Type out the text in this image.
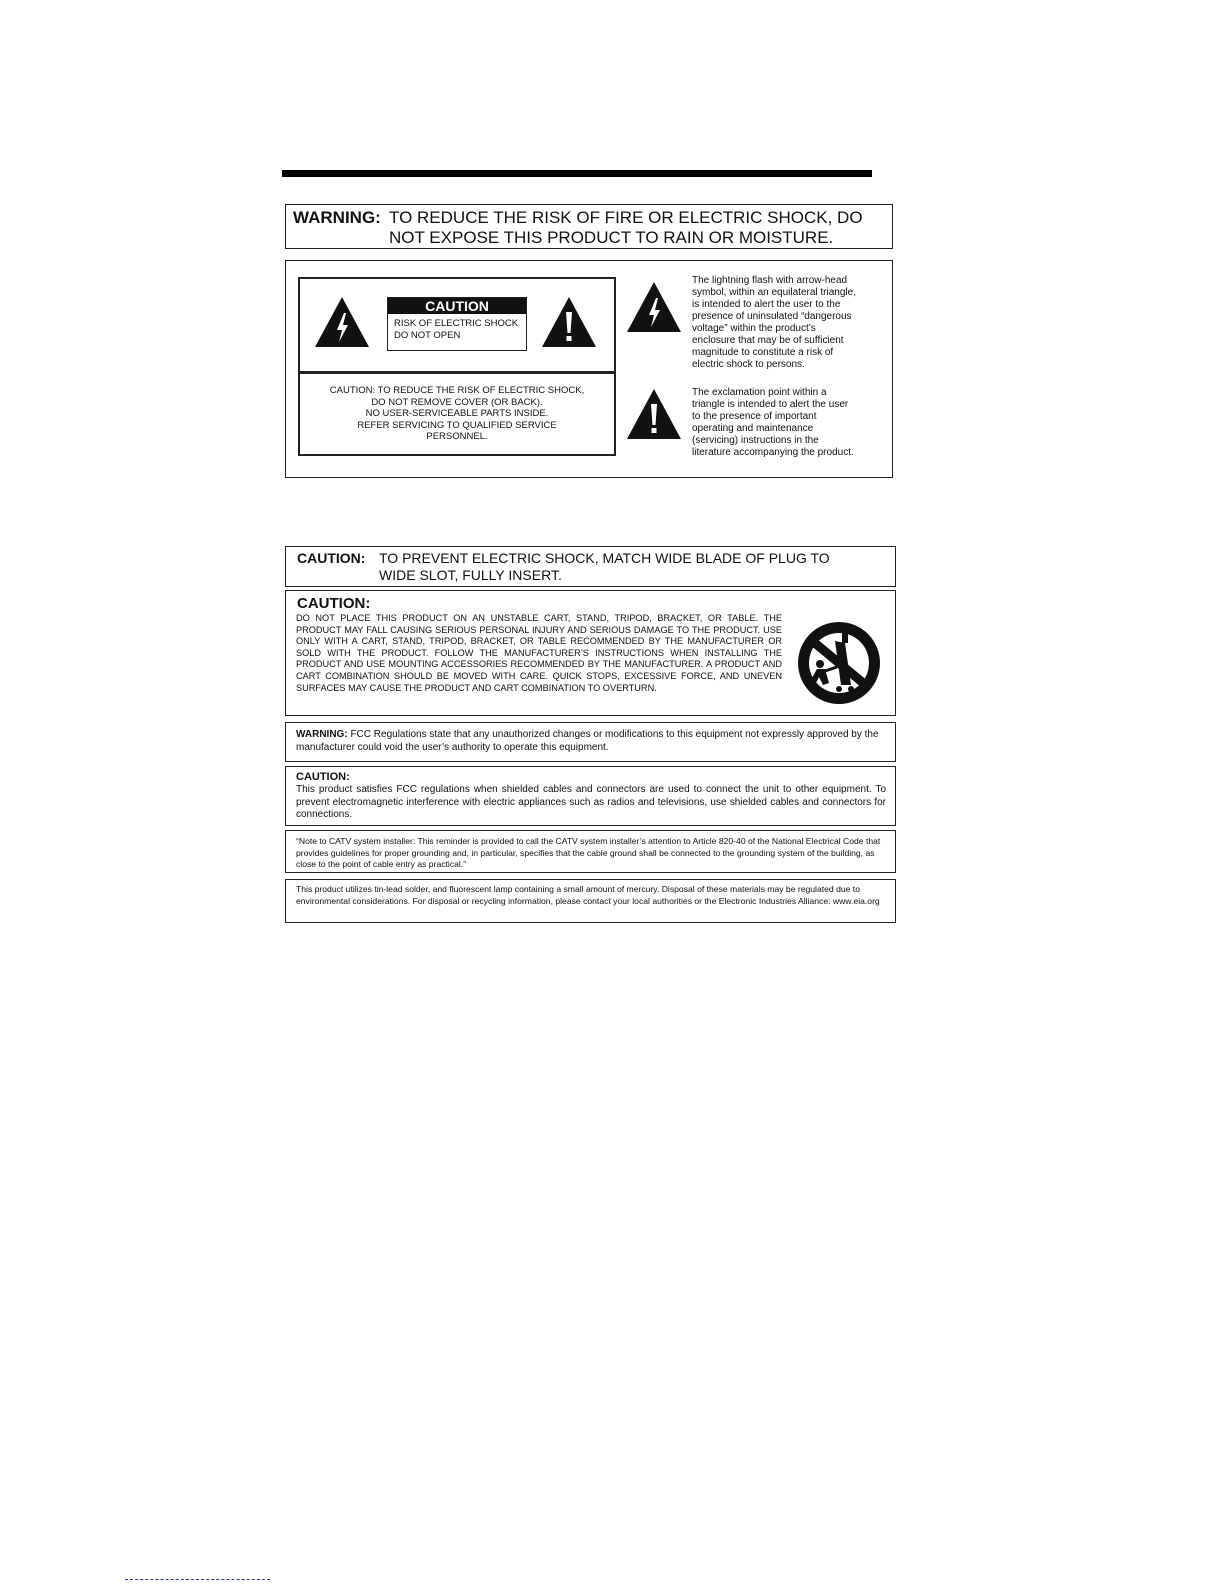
WARNING: TO REDUCE THE RISK OF FIRE OR ELECTRIC SHOCK, DO
NOT EXPOSE THIS PRODUCT TO RAIN OR MOISTURE.
CAUTION
RISK OF ELECTRIC SHOCK
DO NOT OPEN
CAUTION: TO REDUCE THE RISK OF ELECTRIC SHOCK,
DO NOT REMOVE COVER (OR BACK).
NO USER-SERVICEABLE PARTS INSIDE.
REFER SERVICING TO QUALIFIED SERVICE
PERSONNEL.
The lightning flash with arrow-head
symbol, within an equilateral triangle,
is intended to alert the user to the
presence of uninsulated “dangerous
voltage” within the product’s
enclosure that may be of sufficient
magnitude to constitute a risk of
electric shock to persons.
The exclamation point within a
triangle is intended to alert the user
to the presence of important
operating and maintenance
(servicing) instructions in the
literature accompanying the product.
CAUTION: TO PREVENT ELECTRIC SHOCK, MATCH WIDE BLADE OF PLUG TO
WIDE SLOT, FULLY INSERT.
CAUTION:
DO NOT PLACE THIS PRODUCT ON AN UNSTABLE CART, STAND, TRIPOD, BRACKET, OR TABLE. THE PRODUCT MAY FALL CAUSING SERIOUS PERSONAL INJURY AND SERIOUS DAMAGE TO THE PRODUCT. USE ONLY WITH A CART, STAND, TRIPOD, BRACKET, OR TABLE RECOMMENDED BY THE MANUFACTURER OR SOLD WITH THE PRODUCT. FOLLOW THE MANUFACTURER’S INSTRUCTIONS WHEN INSTALLING THE PRODUCT AND USE MOUNTING ACCESSORIES RECOMMENDED BY THE MANUFACTURER. A PRODUCT AND CART COMBINATION SHOULD BE MOVED WITH CARE. QUICK STOPS, EXCESSIVE FORCE, AND UNEVEN SURFACES MAY CAUSE THE PRODUCT AND CART COMBINATION TO OVERTURN.
WARNING: FCC Regulations state that any unauthorized changes or modifications to this equipment not expressly approved by the manufacturer could void the user’s authority to operate this equipment.
CAUTION:
This product satisfies FCC regulations when shielded cables and connectors are used to connect the unit to other equipment. To prevent electromagnetic interference with electric appliances such as radios and televisions, use shielded cables and connectors for connections.
“Note to CATV system installer: This reminder is provided to call the CATV system installer’s attention to Article 820-40 of the National Electrical Code that provides guidelines for proper grounding and, in particular, specifies that the cable ground shall be connected to the grounding system of the building, as close to the point of cable entry as practical.”
This product utilizes tin-lead solder, and fluorescent lamp containing a small amount of mercury. Disposal of these materials may be regulated due to environmental considerations. For disposal or recycling information, please contact your local authorities or the Electronic Industries Alliance: www.eia.org
